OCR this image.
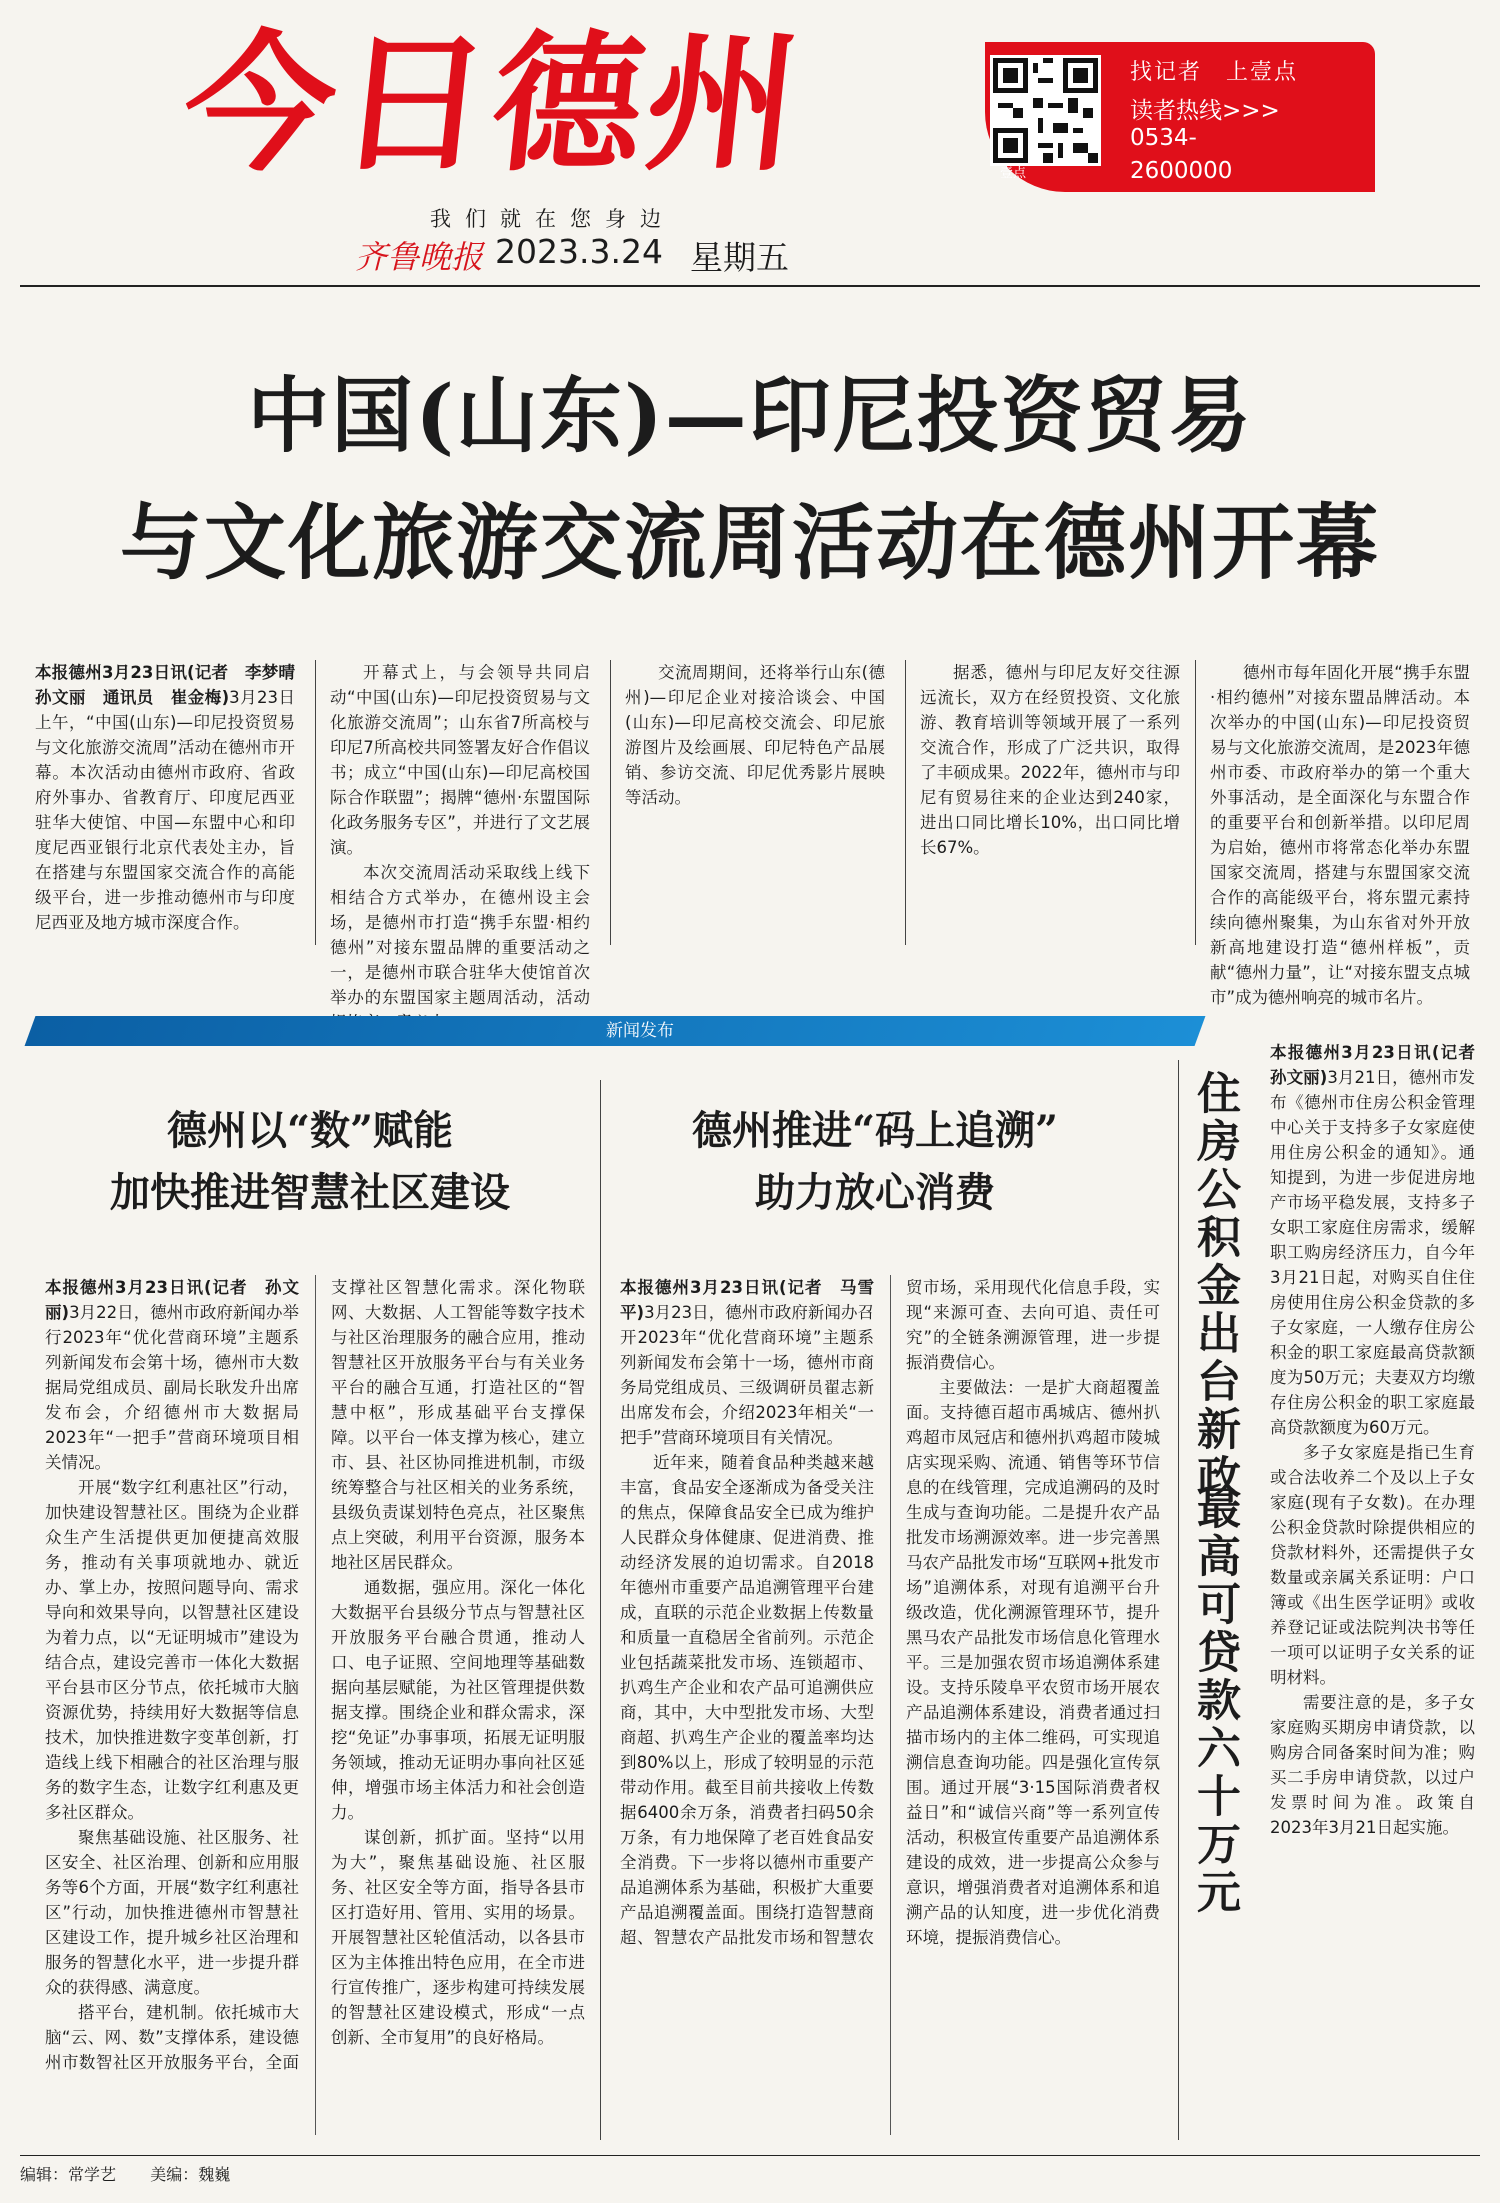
今日德州
我们就在您身边
齐鲁晚报 2023.3.24 星期五
壹点
找记者　上壹点
读者热线>>>
0534-
2600000
中国(山东)—印尼投资贸易
与文化旅游交流周活动在德州开幕

本报德州3月23日讯(记者　李梦晴　孙文丽　通讯员　崔金梅)3月23日上午，“中国(山东)—印尼投资贸易与文化旅游交流周”活动在德州市开幕。本次活动由德州市政府、省政府外事办、省教育厅、印度尼西亚驻华大使馆、中国—东盟中心和印度尼西亚银行北京代表处主办，旨在搭建与东盟国家交流合作的高能级平台，进一步推动德州市与印度尼西亚及地方城市深度合作。

开幕式上，与会领导共同启动“中国(山东)—印尼投资贸易与文化旅游交流周”；山东省7所高校与印尼7所高校共同签署友好合作倡议书；成立“中国(山东)—印尼高校国际合作联盟”；揭牌“德州·东盟国际化政务服务专区”，并进行了文艺展演。

本次交流周活动采取线上线下相结合方式举办，在德州设主会场，是德州市打造“携手东盟·相约德州”对接东盟品牌的重要活动之一，是德州市联合驻华大使馆首次举办的东盟国家主题周活动，活动

交流周期间，还将举行山东(德州)—印尼企业对接洽谈会、中国(山东)—印尼高校交流会、印尼旅游图片及绘画展、印尼特色产品展销、参访交流、印尼优秀影片展映等活动。

据悉，德州与印尼友好交往源远流长，双方在经贸投资、文化旅游、教育培训等领域开展了一系列交流合作，形成了广泛共识，取得了丰硕成果。2022年，德州市与印尼有贸易往来的企业达到240家，进出口同比增长10%，出口同比增长67%。

德州市每年固化开展“携手东盟·相约德州”对接东盟品牌活动。本次举办的中国(山东)—印尼投资贸易与文化旅游交流周，是2023年德州市委、市政府举办的第一个重大外事活动，是全面深化与东盟合作的重要平台和创新举措。以印尼周为启始，德州市将常态化举办东盟国家交流周，搭建与东盟国家交流合作的高能级平台，将东盟元素持续向德州聚集，为山东省对外开放新高地建设打造“德州样板”，贡献“德州力量”，让“对接东盟支点城市”成为德州响亮的城市名片。

新闻发布
德州以“数”赋能
加快推进智慧社区建设

本报德州3月23日讯(记者　孙文丽)3月22日，德州市政府新闻办举行2023年“优化营商环境”主题系列新闻发布会第十场，德州市大数据局党组成员、副局长耿发升出席发布会，介绍德州市大数据局2023年“一把手”营商环境项目相关情况。

开展“数字红利惠社区”行动，加快建设智慧社区。围绕为企业群众生产生活提供更加便捷高效服务，推动有关事项就地办、就近办、掌上办，按照问题导向、需求导向和效果导向，以智慧社区建设为着力点，以“无证明城市”建设为结合点，建设完善市一体化大数据平台县市区分节点，依托城市大脑资源优势，持续用好大数据等信息技术，加快推进数字变革创新，打造线上线下相融合的社区治理与服务的数字生态，让数字红利惠及更多社区群众。

聚焦基础设施、社区服务、社区安全、社区治理、创新和应用服务等6个方面，开展“数字红利惠社区”行动，加快推进德州市智慧社区建设工作，提升城乡社区治理和服务的智慧化水平，进一步提升群众的获得感、满意度。

搭平台，建机制。依托城市大脑“云、网、数”支撑体系，建设德州市数智社区开放服务平台，全面支撑社区智慧化需求。深化物联网、大数据、人工智能等数字技术与社区治理服务的融合应用，推动智慧社区开放服务平台与有关业务平台的融合互通，打造社区的“智慧中枢”，形成基础平台支撑保障。以平台一体支撑为核心，建立市、县、社区协同推进机制，市级统筹整合与社区相关的业务系统，县级负责谋划特色亮点，社区聚焦点上突破，利用平台资源，服务本地社区居民群众。

通数据，强应用。深化一体化大数据平台县级分节点与智慧社区开放服务平台融合贯通，推动人口、电子证照、空间地理等基础数据向基层赋能，为社区管理提供数据支撑。围绕企业和群众需求，深挖“免证”办事事项，拓展无证明服务领域，推动无证明办事向社区延伸，增强市场主体活力和社会创造力。

谋创新，抓扩面。坚持“以用为大”，聚焦基础设施、社区服务、社区安全等方面，指导各县市区打造好用、管用、实用的场景。开展智慧社区轮值活动，以各县市区为主体推出特色应用，在全市进行宣传推广，逐步构建可持续发展的智慧社区建设模式，形成“一点创新、全市复用”的良好格局。

德州推进“码上追溯”
助力放心消费

本报德州3月23日讯(记者　马雪平)3月23日，德州市政府新闻办召开2023年“优化营商环境”主题系列新闻发布会第十一场，德州市商务局党组成员、三级调研员翟志新出席发布会，介绍2023年相关“一把手”营商环境项目有关情况。

近年来，随着食品种类越来越丰富，食品安全逐渐成为备受关注的焦点，保障食品安全已成为维护人民群众身体健康、促进消费、推动经济发展的迫切需求。自2018年德州市重要产品追溯管理平台建成，直联的示范企业数据上传数量和质量一直稳居全省前列。示范企业包括蔬菜批发市场、连锁超市、扒鸡生产企业和农产品可追溯供应商，其中，大中型批发市场、大型商超、扒鸡生产企业的覆盖率均达到80%以上，形成了较明显的示范带动作用。截至目前共接收上传数据6400余万条，消费者扫码50余万条，有力地保障了老百姓食品安全消费。下一步将以德州市重要产品追溯体系为基础，积极扩大重要产品追溯覆盖面。围绕打造智慧商超、智慧农产品批发市场和智慧农贸市场，采用现代化信息手段，实现“来源可查、去向可追、责任可究”的全链条溯源管理，进一步提振消费信心。

主要做法：一是扩大商超覆盖面。支持德百超市禹城店、德州扒鸡超市凤冠店和德州扒鸡超市陵城店实现采购、流通、销售等环节信息的在线管理，完成追溯码的及时生成与查询功能。二是提升农产品批发市场溯源效率。进一步完善黑马农产品批发市场“互联网+批发市场”追溯体系，对现有追溯平台升级改造，优化溯源管理环节，提升黑马农产品批发市场信息化管理水平。三是加强农贸市场追溯体系建设。支持乐陵阜平农贸市场开展农产品追溯体系建设，消费者通过扫描市场内的主体二维码，可实现追溯信息查询功能。四是强化宣传氛围。通过开展“3·15国际消费者权益日”和“诚信兴商”等一系列宣传活动，积极宣传重要产品追溯体系建设的成效，进一步提高公众参与意识，增强消费者对追溯体系和追溯产品的认知度，进一步优化消费环境，提振消费信心。

住房公积金出台新政
最高可贷款六十万元

本报德州3月23日讯(记者　孙文丽)3月21日，德州市发布《德州市住房公积金管理中心关于支持多子女家庭使用住房公积金的通知》。通知提到，为进一步促进房地产市场平稳发展，支持多子女职工家庭住房需求，缓解职工购房经济压力，自今年3月21日起，对购买自住住房使用住房公积金贷款的多子女家庭，一人缴存住房公积金的职工家庭最高贷款额度为50万元；夫妻双方均缴存住房公积金的职工家庭最高贷款额度为60万元。

多子女家庭是指已生育或合法收养二个及以上子女家庭(现有子女数)。在办理公积金贷款时除提供相应的贷款材料外，还需提供子女数量或亲属关系证明：户口簿或《出生医学证明》或收养登记证或法院判决书等任一项可以证明子女关系的证明材料。

需要注意的是，多子女家庭购买期房申请贷款，以购房合同备案时间为准；购买二手房申请贷款，以过户发票时间为准。政策自2023年3月21日起实施。

编辑：常学艺 美编：魏巍
